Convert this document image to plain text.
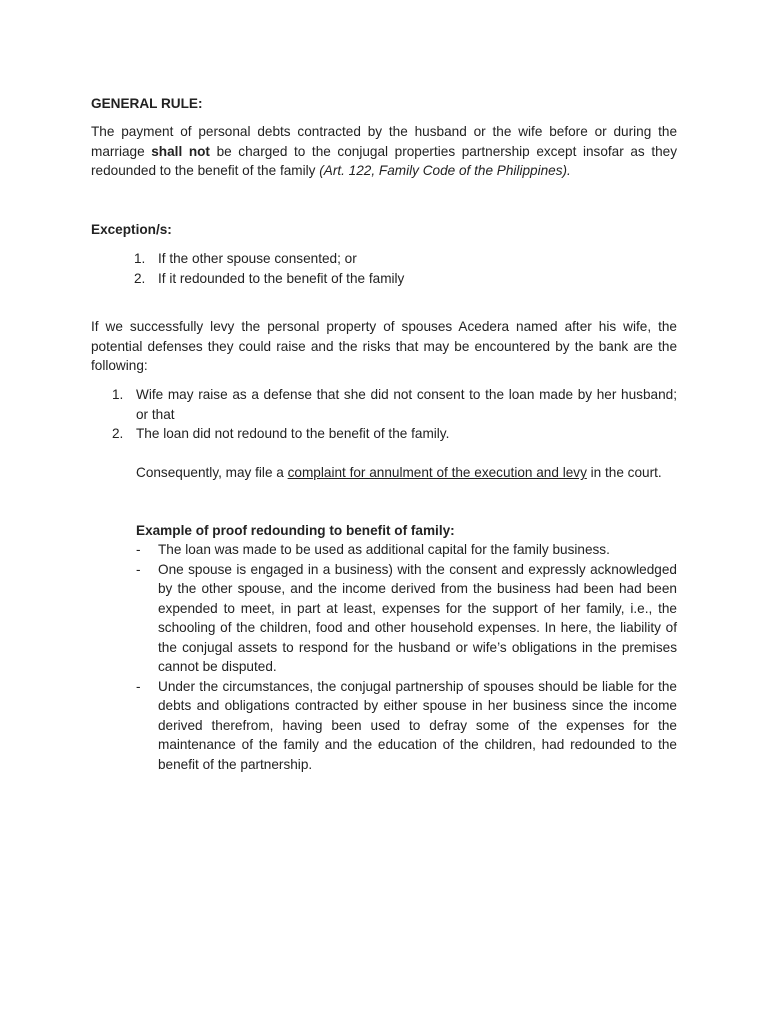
GENERAL RULE:

The payment of personal debts contracted by the husband or the wife before or during the marriage shall not be charged to the conjugal properties partnership except insofar as they redounded to the benefit of the family (Art. 122, Family Code of the Philippines).

Exception/s:
1. If the other spouse consented; or
2. If it redounded to the benefit of the family

If we successfully levy the personal property of spouses Acedera named after his wife, the potential defenses they could raise and the risks that may be encountered by the bank are the following:

1. Wife may raise as a defense that she did not consent to the loan made by her husband; or that
2. The loan did not redound to the benefit of the family.

Consequently, may file a complaint for annulment of the execution and levy in the court.

Example of proof redounding to benefit of family:

- The loan was made to be used as additional capital for the family business.
- One spouse is engaged in a business) with the consent and expressly acknowledged by the other spouse, and the income derived from the business had been had been expended to meet, in part at least, expenses for the support of her family, i.e., the schooling of the children, food and other household expenses. In here, the liability of the conjugal assets to respond for the husband or wife’s obligations in the premises cannot be disputed.
- Under the circumstances, the conjugal partnership of spouses should be liable for the debts and obligations contracted by either spouse in her business since the income derived therefrom, having been used to defray some of the expenses for the maintenance of the family and the education of the children, had redounded to the benefit of the partnership.
